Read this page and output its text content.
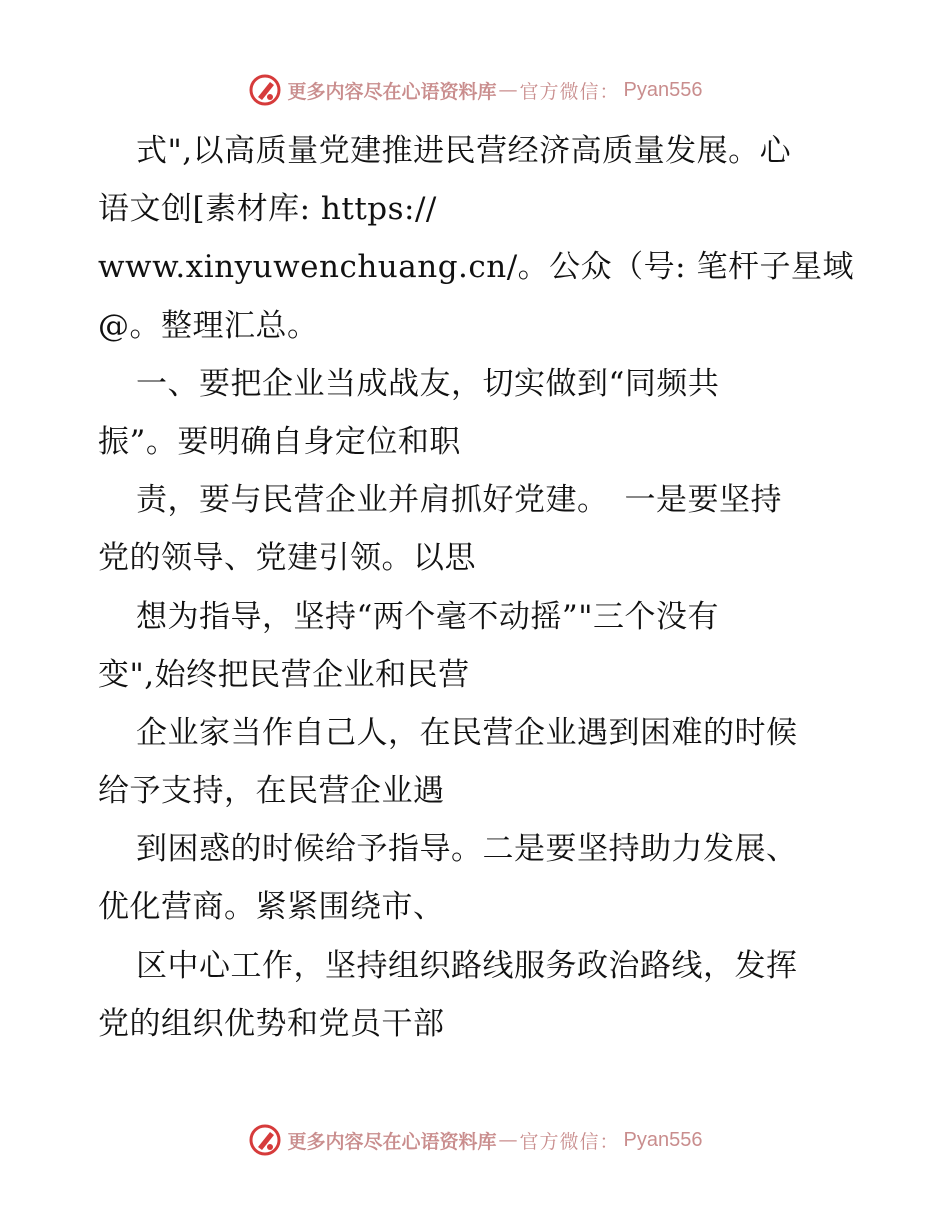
更多内容尽在心语资料库 — 官方微信： Pyan556
式",以高质量党建推进民营经济高质量发展。心
语文创[素材库: https://
www.xinyuwenchuang.cn/。公众（号: 笔杆子星域
@。整理汇总。
一、要把企业当成战友，切实做到“同频共
振”。要明确自身定位和职
责，要与民营企业并肩抓好党建。　一是要坚持
党的领导、党建引领。以思
想为指导，坚持“两个毫不动摇”"三个没有
变",始终把民营企业和民营
企业家当作自己人，在民营企业遇到困难的时候
给予支持，在民营企业遇
到困惑的时候给予指导。二是要坚持助力发展、
优化营商。紧紧围绕市、
区中心工作，坚持组织路线服务政治路线，发挥
党的组织优势和党员干部
更多内容尽在心语资料库 — 官方微信： Pyan556
